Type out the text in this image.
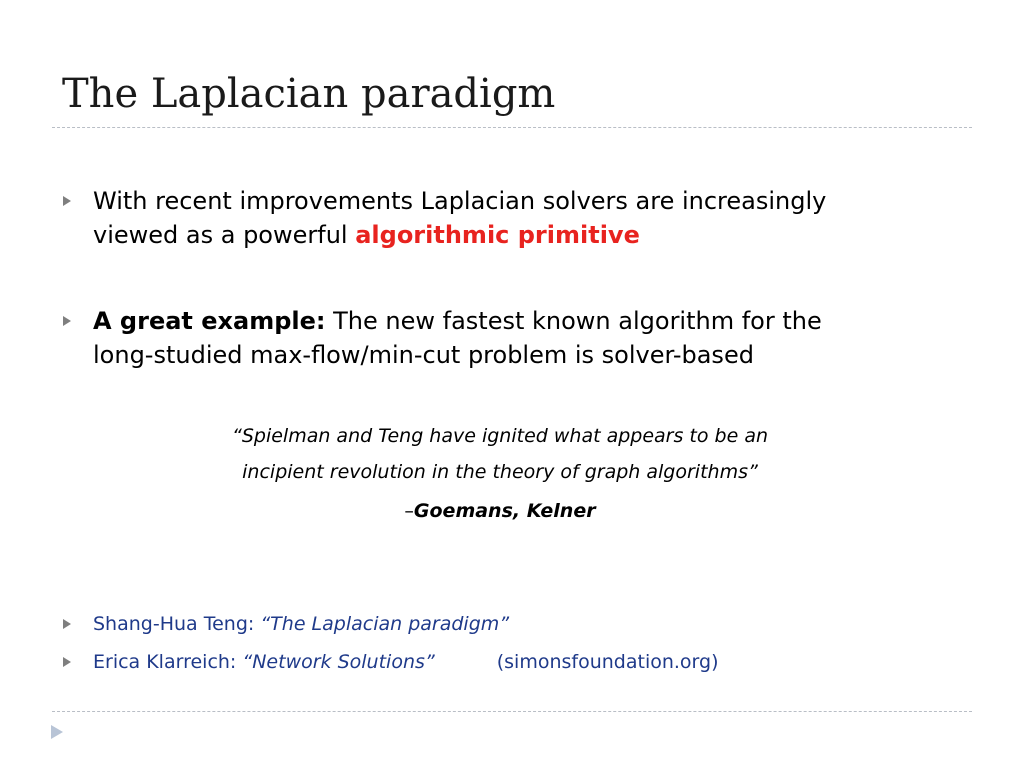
The Laplacian paradigm
With recent improvements Laplacian solvers are increasingly
viewed as a powerful algorithmic primitive
A great example: The new fastest known algorithm for the
long-studied max-flow/min-cut problem is solver-based
“Spielman and Teng have ignited what appears to be an
incipient revolution in the theory of graph algorithms”
–Goemans, Kelner
Shang-Hua Teng: “The Laplacian paradigm”
Erica Klarreich: “Network Solutions”	(simonsfoundation.org)
